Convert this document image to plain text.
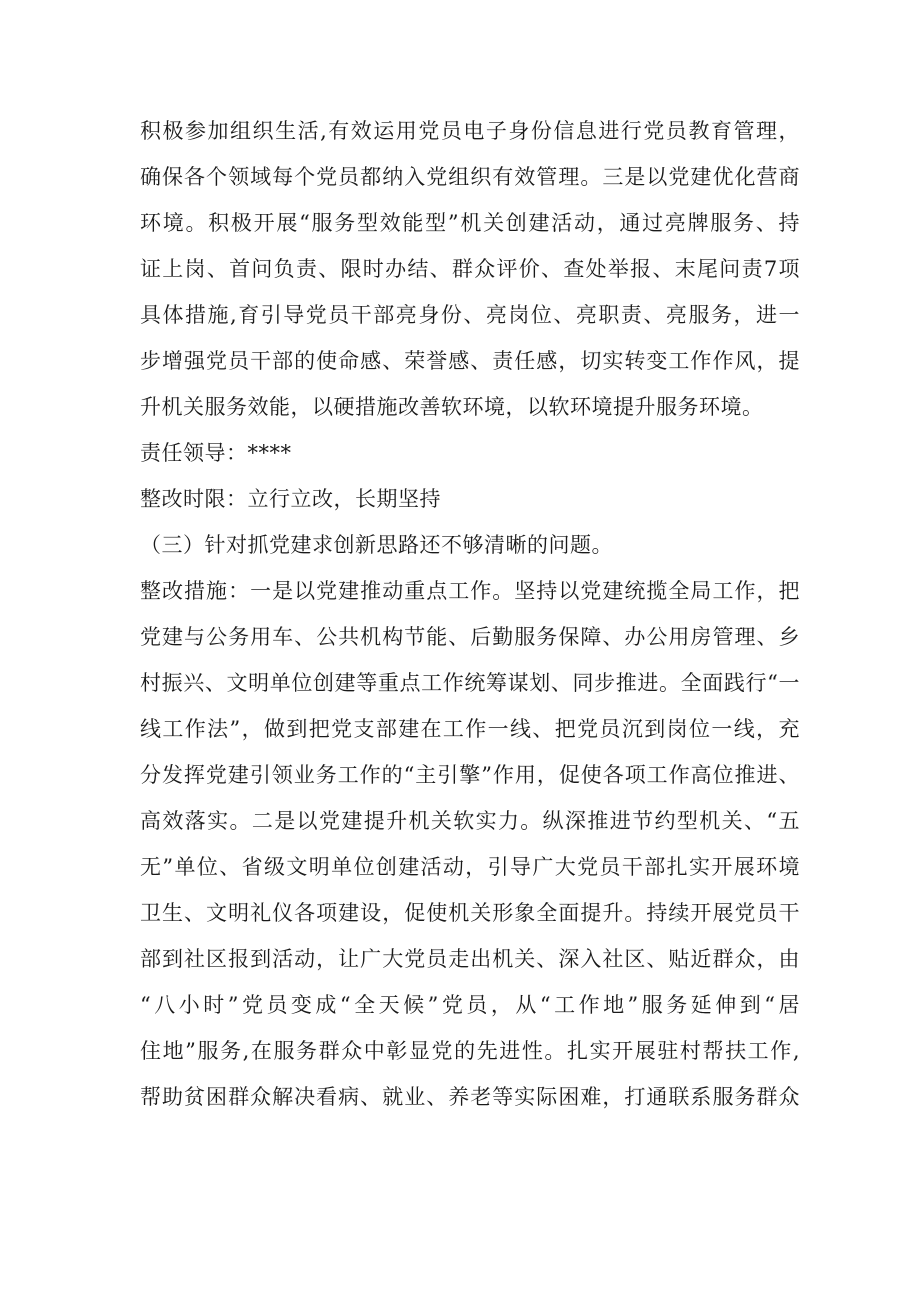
积极参加组织生活,有效运用党员电子身份信息进行党员教育管理，
确保各个领域每个党员都纳入党组织有效管理。三是以党建优化营商
环境。积极开展“服务型效能型”机关创建活动，通过亮牌服务、持
证上岗、首问负责、限时办结、群众评价、查处举报、末尾问责7项
具体措施,育引导党员干部亮身份、亮岗位、亮职责、亮服务，进一
步增强党员干部的使命感、荣誉感、责任感，切实转变工作作风，提
升机关服务效能，以硬措施改善软环境，以软环境提升服务环境。
责任领导：****
整改时限：立行立改，长期坚持
（三）针对抓党建求创新思路还不够清晰的问题。
整改措施：一是以党建推动重点工作。坚持以党建统揽全局工作，把
党建与公务用车、公共机构节能、后勤服务保障、办公用房管理、乡
村振兴、文明单位创建等重点工作统筹谋划、同步推进。全面践行“一
线工作法”，做到把党支部建在工作一线、把党员沉到岗位一线，充
分发挥党建引领业务工作的“主引擎”作用，促使各项工作高位推进、
高效落实。二是以党建提升机关软实力。纵深推进节约型机关、“五
无”单位、省级文明单位创建活动，引导广大党员干部扎实开展环境
卫生、文明礼仪各项建设，促使机关形象全面提升。持续开展党员干
部到社区报到活动，让广大党员走出机关、深入社区、贴近群众，由
“八小时”党员变成“全天候”党员，从“工作地”服务延伸到“居
住地”服务,在服务群众中彰显党的先进性。扎实开展驻村帮扶工作,
帮助贫困群众解决看病、就业、养老等实际困难，打通联系服务群众
